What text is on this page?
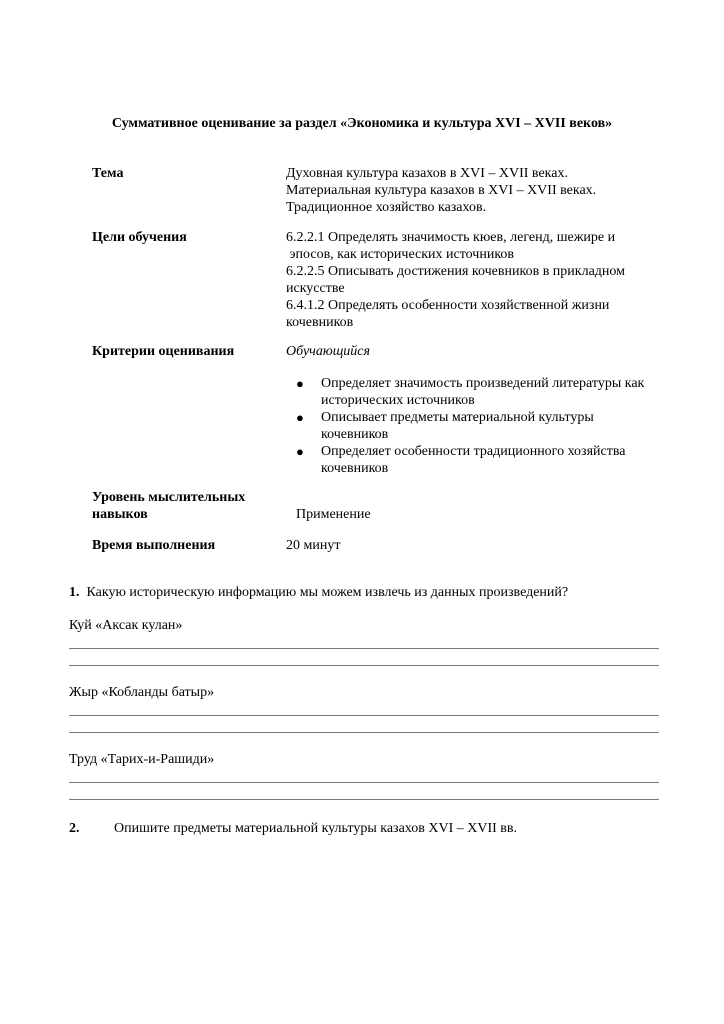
Суммативное оценивание за раздел «Экономика и культура XVI – XVII веков»
Тема	Духовная культура казахов в XVI – XVII веках.
Материальная культура казахов в XVI – XVII веках.
Традиционное хозяйство казахов.
Цели обучения	6.2.2.1 Определять значимость кюев, легенд, шежире и
эпосов, как исторических источников
6.2.2.5 Описывать достижения кочевников в прикладном
искусстве
6.4.1.2 Определять особенности хозяйственной жизни
кочевников
Критерии оценивания	Обучающийся
● Определяет значимость произведений литературы как
исторических источников
● Описывает предметы материальной культуры
кочевников
● Определяет особенности традиционного хозяйства
кочевников
Уровень мыслительных
навыков	Применение
Время выполнения	20 минут
1. Какую историческую информацию мы можем извлечь из данных произведений?
Куй «Аксак кулан»
Жыр «Кобланды батыр»
Труд «Тарих-и-Рашиди»
2. Опишите предметы материальной культуры казахов XVI – XVII вв.
